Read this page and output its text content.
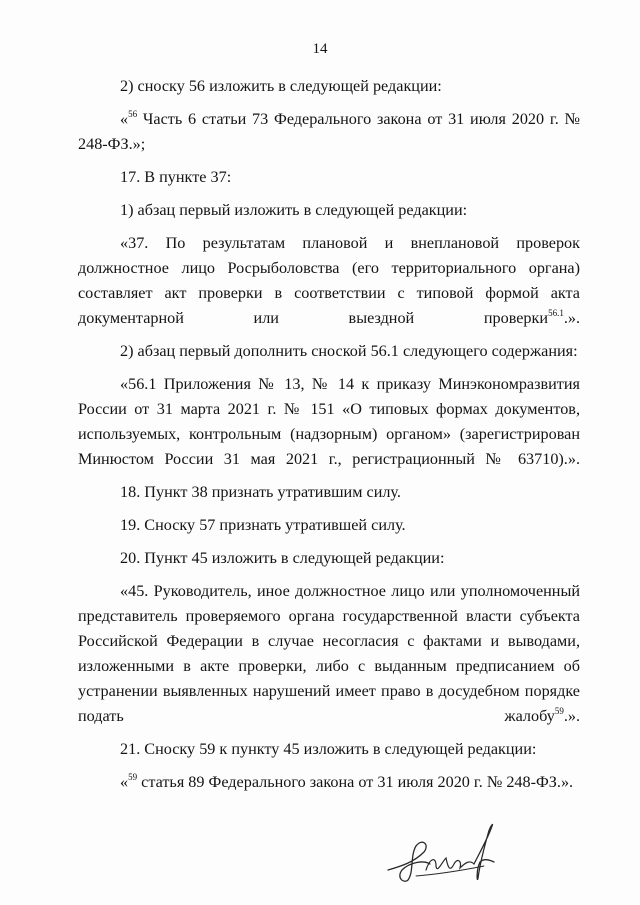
14

2) сноску 56 изложить в следующей редакции:

«$^{56}$ Часть 6 статьи 73 Федерального закона от 31 июля 2020 г. № 248-ФЗ.»;

17. В пункте 37:

1) абзац первый изложить в следующей редакции:

«37. По результатам плановой и внеплановой проверок должностное лицо Росрыболовства (его территориального органа) составляет акт проверки в соответствии с типовой формой акта документарной или выездной проверки$^{56.1}$.».

2) абзац первый дополнить сноской 56.1 следующего содержания:

«56.1 Приложения № 13, № 14 к приказу Минэкономразвития России от 31 марта 2021 г. № 151 «О типовых формах документов, используемых, контрольным (надзорным) органом» (зарегистрирован Минюстом России 31 мая 2021 г., регистрационный № 63710).».

18. Пункт 38 признать утратившим силу.

19. Сноску 57 признать утратившей силу.

20. Пункт 45 изложить в следующей редакции:

«45. Руководитель, иное должностное лицо или уполномоченный представитель проверяемого органа государственной власти субъекта Российской Федерации в случае несогласия с фактами и выводами, изложенными в акте проверки, либо с выданным предписанием об устранении выявленных нарушений имеет право в досудебном порядке подать жалобу$^{59}$.».

21. Сноску 59 к пункту 45 изложить в следующей редакции:

«$^{59}$ статья 89 Федерального закона от 31 июля 2020 г. № 248-ФЗ.».
